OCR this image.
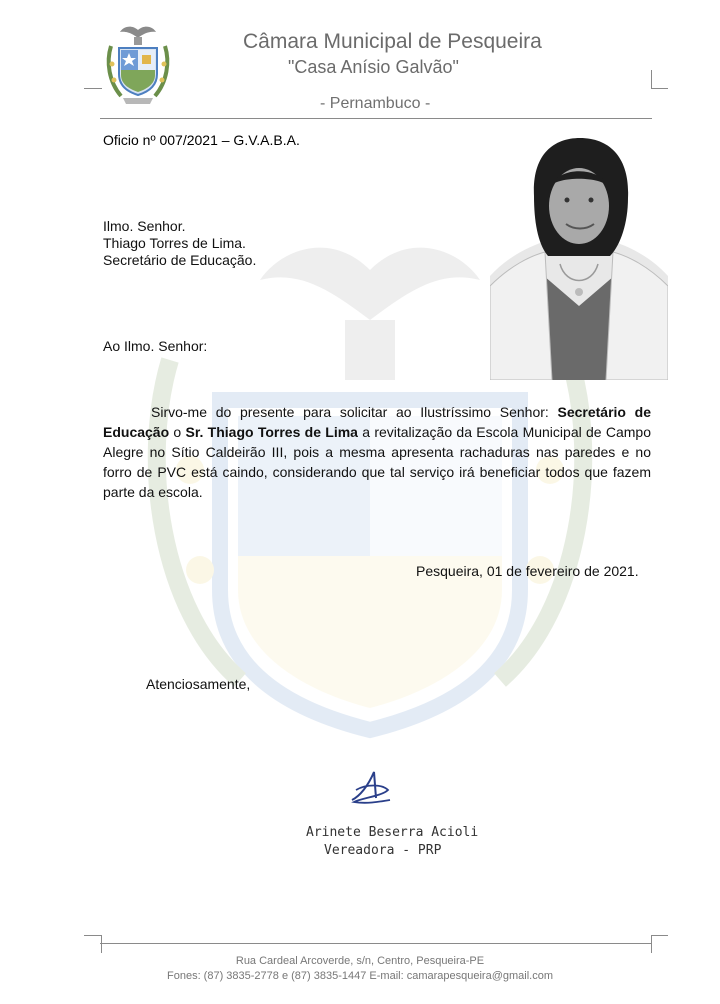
Câmara Municipal de Pesqueira
"Casa Anísio Galvão"
- Pernambuco -
Oficio nº 007/2021 – G.V.A.B.A.
Ilmo. Senhor.
Thiago Torres de Lima.
Secretário de Educação.
Ao Ilmo. Senhor:
Sirvo-me do presente para solicitar ao Ilustríssimo Senhor: Secretário de Educação o Sr. Thiago Torres de Lima a revitalização da Escola Municipal de Campo Alegre no Sítio Caldeirão III, pois a mesma apresenta rachaduras nas paredes e no forro de PVC está caindo, considerando que tal serviço irá beneficiar todos que fazem parte da escola.
Pesqueira, 01 de fevereiro de 2021.
Atenciosamente,
Arinete Beserra Acioli
Vereadora - PRP
Rua Cardeal Arcoverde, s/n, Centro, Pesqueira-PE
Fones: (87) 3835-2778 e (87) 3835-1447 E-mail: camarapesqueira@gmail.com
